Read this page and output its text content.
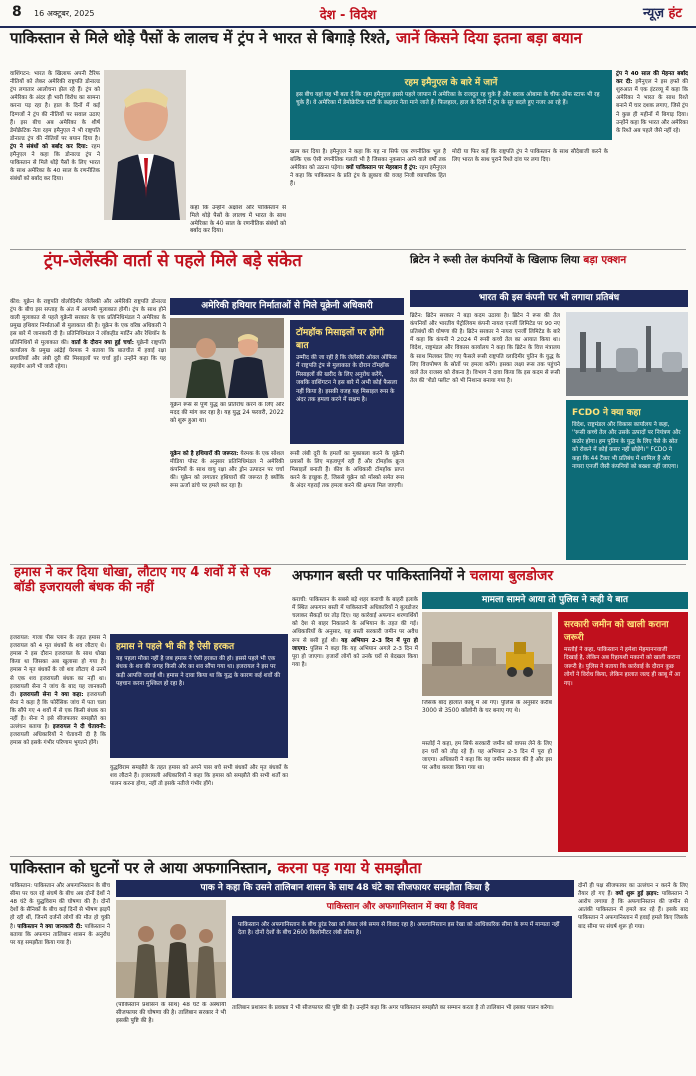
8 16 अक्टूबर, 2025	देश - विदेश	न्यूज़ हंट
पाकिस्तान से मिले थोड़े पैसों के लालच में ट्रंप ने भारत से बिगाड़े रिश्ते, जानें किसने दिया इतना बड़ा बयान
वाशिंगटन: भारत के खिलाफ अपनी टैरिफ नीतियों को लेकर अमेरिकी राष्ट्रपति डोनाल्ड ट्रंप लगातार आलोचना झेल रहे हैं। ट्रंप को अमेरिका के अंदर ही भारी विरोध का सामना करना पड़ रहा है। हाल के दिनों में कई दिग्गजों ने ट्रंप की नीतियों पर सवाल उठाए हैं। इस बीच अब अमेरिका के शीर्ष डेमोक्रेटिक नेता रहम इमैनुएल ने भी राष्ट्रपति डोनाल्ड ट्रंप की नीतियों पर बयान दिया है। ट्रंप ने संबंधों को बर्बाद कर दिया: रहम इमैनुएल ने कहा कि डोनाल्ड ट्रंप ने पाकिस्तान से मिले थोड़े पैसों के लिए भारत के साथ अमेरिका के 40 साल के रणनीतिक संबंधों को बर्बाद कर दिया।
कहा कि उन्होंने अक्षांश और पाकिस्तान से मिले थोड़े पैसों के लालच में भारत के साथ अमेरिका के 40 साल के रणनीतिक संबंधों को बर्बाद कर दिया।
रहम इमैनुएल के बारे में जानें
इस बीच यहां यह भी बता दें कि रहम इमैनुएल इससे पहले जापान में अमेरिका के राजदूत रह चुके हैं और बराक ओबामा के चीफ ऑफ स्टाफ भी रह चुके हैं। वे अमेरिका में डेमोक्रेटिक पार्टी के कद्दावर नेता माने जाते हैं। फिलहाल, हाल के दिनों में ट्रंप के सुर बदले हुए नजर आ रहे हैं।
खत्म कर दिया है। इमैनुएल ने कहा कि यह ना सिर्फ एक रणनीतिक भूल है बल्कि एक ऐसी रणनीतिक गलती भी है जिसका नुकसान आने वाले वर्षों तक अमेरिका को उठाना पड़ेगा। क्यों पाकिस्तान पर मेहरबान हैं ट्रंप: रहम इमैनुएल ने कहा कि पाकिस्तान के प्रति ट्रंप के झुकाव की वजह निजी व्यापारिक हित हैं।
मोदी या फिर कहें कि राष्ट्रपति ट्रंप ने पाकिस्तान के साथ सौदेबाजी करने के लिए भारत के साथ पुराने रिश्ते दांव पर लगा दिए।
ट्रंप ने 40 साल की मेहनत बर्बाद कर दी: इमैनुएल ने इस हफ्ते की शुरुआत में एक इंटरव्यू में कहा कि अमेरिका ने भारत के साथ रिश्ते बनाने में चार दशक लगाए, जिसे ट्रंप ने कुछ ही महीनों में बिगाड़ दिया। उन्होंने कहा कि भारत और अमेरिका के रिश्ते अब पहले जैसे नहीं रहे।
ट्रंप-जेलेंस्की वार्ता से पहले मिले बड़े संकेत
अमेरिकी हथियार निर्माताओं से मिले यूक्रेनी अधिकारी
कीव: यूक्रेन के राष्ट्रपति वोलोदिमीर जेलेंस्की और अमेरिकी राष्ट्रपति डोनाल्ड ट्रंप के बीच इस सप्ताह के अंत में आगामी मुलाकात होगी। ट्रंप के साथ होने वाली मुलाकात से पहले यूक्रेनी सरकार के एक प्रतिनिधिमंडल ने अमेरिका के प्रमुख हथियार निर्माताओं से मुलाकात की है। यूक्रेन के एक वरिष्ठ अधिकारी ने इस बारे में जानकारी दी है। प्रतिनिधिमंडल ने लॉकहीड मार्टिन और रेथियॉन के प्रतिनिधियों से मुलाकात की। वार्ता के दौरान क्या हुई चर्चा: यूक्रेनी राष्ट्रपति कार्यालय के प्रमुख आंद्रेई येरमक ने बताया कि बातचीत में हवाई रक्षा प्रणालियों और लंबी दूरी की मिसाइलों पर चर्चा हुई। उन्होंने कहा कि यह सहयोग आगे भी जारी रहेगा।
यूक्रेन रूस से पूर्ण युद्ध का प्रतिरोध करने के लिए और मदद की मांग कर रहा है। यह युद्ध 24 फरवरी, 2022 को शुरू हुआ था।
टॉमहॉक मिसाइलों पर होगी बात
उम्मीद की जा रही है कि जेलेंस्की ओवल ऑफिस में राष्ट्रपति ट्रंप से मुलाकात के दौरान टॉमहॉक मिसाइलों की खरीद के लिए अनुरोध करेंगे, जबकि वाशिंगटन ने इस बारे में अभी कोई फैसला नहीं किया है। इसकी वजह यह मिसाइल रूस के अंदर तक हमला करने में सक्षम है।
यूक्रेन को है हथियारों की जरूरत: येरमक के एक सोशल मीडिया पोस्ट के अनुसार प्रतिनिधिमंडल ने अमेरिकी कंपनियों के साथ वायु रक्षा और ड्रोन उत्पादन पर चर्चा की। यूक्रेन को लगातार हथियारों की जरूरत है क्योंकि रूस ऊर्जा ढांचे पर हमले कर रहा है।
रूसी लंबी दूरी के हमलों का मुकाबला करने के यूक्रेनी प्रयासों के लिए महत्वपूर्ण रही हैं और टॉमहॉक क्रूज मिसाइलें बनाती हैं। कीव के अधिकारी टॉमहॉक प्राप्त करने के इच्छुक हैं, जिससे यूक्रेन को मॉस्को समेत रूस के अंदर गहराई तक हमला करने की क्षमता मिल जाएगी।
ब्रिटेन ने रूसी तेल कंपनियों के खिलाफ लिया बड़ा एक्शन
भारत की इस कंपनी पर भी लगाया प्रतिबंध
ब्रिटेन: ब्रिटेन सरकार ने बड़ा कदम उठाया है। ब्रिटेन ने रूस की तेल कंपनियों और भारतीय पेट्रोलियम कंपनी नायरा एनर्जी लिमिटेड पर 90 नए प्रतिबंधों की घोषणा की है। ब्रिटेन सरकार ने नायरा एनर्जी लिमिटेड के बारे में कहा कि कंपनी ने 2024 में रूसी कच्चे तेल का आयात किया था। विदेश, राष्ट्रमंडल और विकास कार्यालय ने कहा कि ब्रिटेन के वित्त मंत्रालय के साथ मिलकर लिए गए फैसले रूसी राष्ट्रपति व्लादिमीर पुतिन के युद्ध के लिए वित्तपोषण के स्रोतों पर हमला करेंगे। इसका लक्ष्य रूस तक पहुंचने वाले तेल राजस्व को रोकना है। विभाग ने दावा किया कि इस कदम से रूसी तेल की 'शैडो फ्लीट' को भी निशाना बनाया गया है।
FCDO ने क्या कहा
विदेश, राष्ट्रमंडल और विकास कार्यालय ने कहा, ''रूसी कच्चे तेल और उसके उत्पादों पर नियंत्रण और कठोर होगा। हम पुतिन के युद्ध के लिए पैसे के स्रोत को रोकने में कोई कसर नहीं छोड़ेंगे।'' FCDO ने कहा कि 44 टैंकर भी प्रतिबंध में शामिल हैं और नायरा एनर्जी जैसी कंपनियों को बख्शा नहीं जाएगा।
हमास ने कर दिया धोखा, लौटाए गए 4 शवों में से एक बॉडी इजरायली बंधक की नहीं
इजरायल: गाजा पीस प्लान के तहत हमास ने इजरायल को 4 मृत बंधकों के शव लौटाए थे। हमास ने इस दौरान इजरायल के साथ धोखा किया था जिसका अब खुलासा हो गया है। हमास ने मृत बंधकों के जो शव लौटाए थे उनमें से एक शव इजरायली बंधक का नहीं था। इजरायली सेना ने जांच के बाद यह जानकारी दी। इजरायली सेना ने क्या कहा: इजरायली सेना ने कहा है कि फोरेंसिक जांच में पता चला कि सौंपे गए 4 शवों में से एक किसी बंधक का नहीं है। सेना ने इसे सीजफायर समझौते का उल्लंघन बताया है। इजरायल ने दी चेतावनी: इजरायली अधिकारियों ने चेतावनी दी है कि हमास को इसके गंभीर परिणाम भुगतने होंगे।
हमास ने पहले भी की है ऐसी हरकत
यह पहला मौका नहीं है जब हमास ने ऐसी हरकत की हो। इससे पहले भी एक बंधक के शव की जगह किसी और का शव सौंपा गया था। इजरायल ने इस पर कड़ी आपत्ति जताई थी। हमास ने दावा किया था कि युद्ध के कारण कई शवों की पहचान करना मुश्किल हो रहा है।
युद्धविराम समझौते के तहत हमास को अपने पास बचे सभी बंधकों और मृत बंधकों के शव लौटाने हैं। इजरायली अधिकारियों ने कहा कि हमास को समझौते की सभी शर्तों का पालन करना होगा, नहीं तो इसके नतीजे गंभीर होंगे।
अफगान बस्ती पर पाकिस्तानियों ने चलाया बुलडोजर
मामला सामने आया तो पुलिस ने कही ये बात
कराची: पाकिस्तान के सबसे बड़े शहर कराची के बाहरी इलाके में स्थित अफगान बस्ती में पाकिस्तानी अधिकारियों ने बुलडोजर चलाकर सैकड़ों घर तोड़ दिए। यह कार्रवाई अफगान शरणार्थियों को देश से बाहर निकालने के अभियान के तहत की गई। अधिकारियों के अनुसार, यह बस्ती सरकारी जमीन पर अवैध रूप से बसी हुई थी। यह अभियान 2-3 दिन में पूरा हो जाएगा: पुलिस ने कहा कि यह अभियान अगले 2-3 दिन में पूरा हो जाएगा। हजारों लोगों को उनके घरों से बेदखल किया गया है।
जिसके बाद हालात काबू में आ गए। पुलिस के अनुसार करीब 3000 से 3500 कॉलोनी के घर बनाए गए थे।
मस्तोई ने कहा, हम सिर्फ सरकारी जमीन को वापस लेने के लिए इन घरों को तोड़ रहे हैं। यह अभियान 2-3 दिन में पूरा हो जाएगा। अधिकारी ने कहा कि यह जमीन सरकार की है और इस पर अवैध कब्जा किया गया था।
सरकारी जमीन को खाली कराना जरूरी
मस्तोई ने कहा, पाकिस्तान ने हमेशा मेहमाननवाजी दिखाई है, लेकिन अब रिहायशी मकानों को खाली कराना जरूरी है। पुलिस ने बताया कि कार्रवाई के दौरान कुछ लोगों ने विरोध किया, लेकिन हालात जल्द ही काबू में आ गए।
पाकिस्तान को घुटनों पर ले आया अफगानिस्तान, करना पड़ गया ये समझौता
पाक ने कहा कि उसने तालिबान शासन के साथ 48 घंटे का सीजफायर समझौता किया है
पाकिस्तान: पाकिस्तान और अफगानिस्तान के बीच सीमा पर चल रहे संघर्ष के बीच अब दोनों देशों ने 48 घंटे के युद्धविराम की घोषणा की है। दोनों देशों के सैनिकों के बीच कई दिनों से भीषण झड़पें हो रही थीं, जिनमें दर्जनों लोगों की मौत हो चुकी है। पाकिस्तान ने क्या जानकारी दी: पाकिस्तान ने बताया कि अफगान तालिबान शासन के अनुरोध पर यह समझौता किया गया है।
(पाकिस्तान प्रशासन के साथ) 48 घंटे के अस्थायी सीजफायर की घोषणा की है। तालिबान सरकार ने भी इसकी पुष्टि की है।
पाकिस्तान और अफगानिस्तान में क्या है विवाद
पाकिस्तान और अफगानिस्तान के बीच डूरंड रेखा को लेकर लंबे समय से विवाद रहा है। अफगानिस्तान इस रेखा को आधिकारिक सीमा के रूप में मान्यता नहीं देता है। दोनों देशों के बीच 2600 किलोमीटर लंबी सीमा है।
तालिबान प्रशासन के प्रवक्ता ने भी सीजफायर की पुष्टि की है। उन्होंने कहा कि अगर पाकिस्तान समझौते का सम्मान करता है तो तालिबान भी इसका पालन करेगा।
दोनों ही पक्ष सीजफायर का उल्लंघन न करने के लिए तैयार हो गए हैं। क्यों शुरू हुई झड़प: पाकिस्तान ने आरोप लगाया है कि अफगानिस्तान की जमीन से आतंकी पाकिस्तान में हमले कर रहे हैं। इसके बाद पाकिस्तान ने अफगानिस्तान में हवाई हमले किए जिसके बाद सीमा पर संघर्ष शुरू हो गया।
